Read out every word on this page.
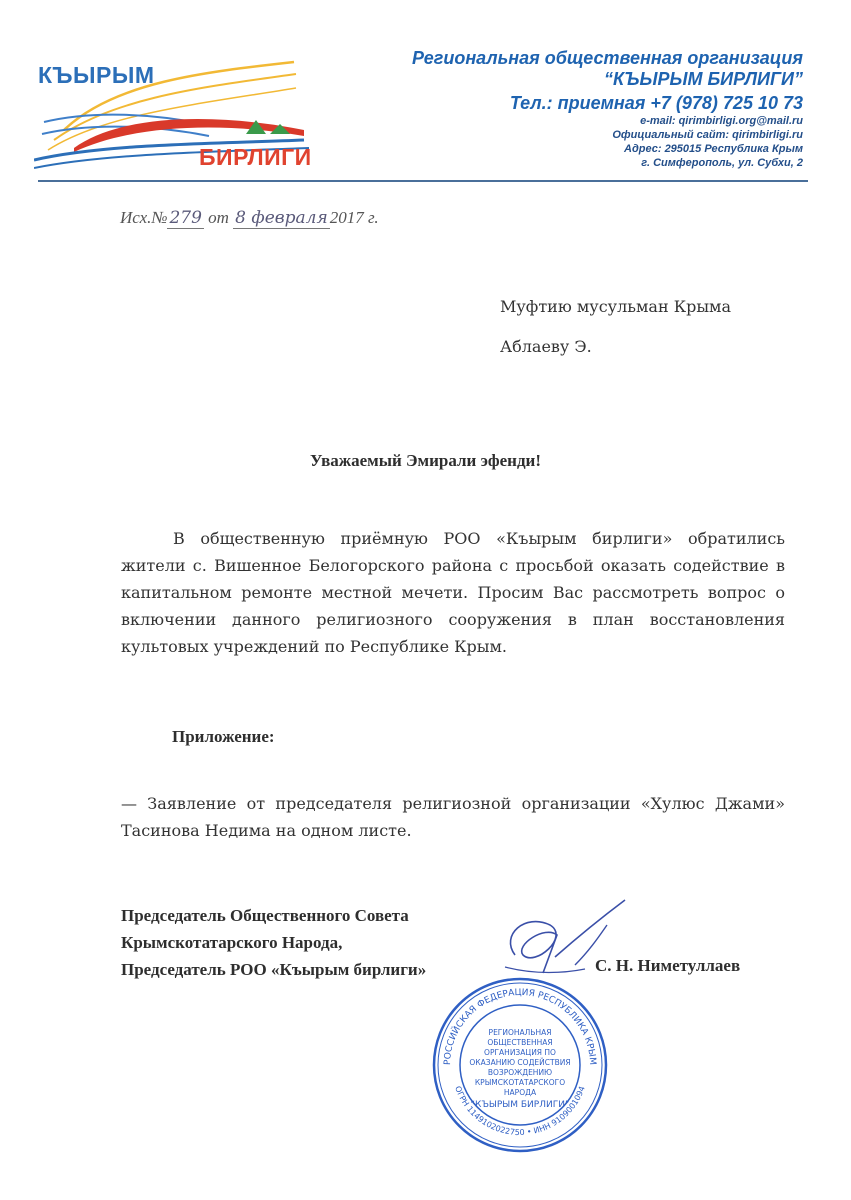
КЪЫРЫМ
БИРЛИГИ
Региональная общественная организация
“КЪЫРЫМ БИРЛИГИ”
Тел.: приемная +7 (978) 725 10 73
e-mail: qirimbirligi.org@mail.ru
Официальный сайт: qirimbirligi.ru
Адрес: 295015 Республика Крым
г. Симферополь, ул. Субхи, 2
Исх.№ 279 от 8 февраля 2017 г.
Муфтию мусульман Крыма
Аблаеву Э.
Уважаемый Эмирали эфенди!
В общественную приёмную РОО «Къырым бирлиги» обратились жители с. Вишенное Белогорского района с просьбой оказать содействие в капитальном ремонте местной мечети. Просим Вас рассмотреть вопрос о включении данного религиозного сооружения в план восстановления культовых учреждений по Республике Крым.
Приложение:
— Заявление от председателя религиозной организации «Хулюс Джами» Тасинова Недима на одном листе.
Председатель Общественного Совета
Крымскотатарского Народа,
Председатель РОО «Къырым бирлиги»	С. Н. Ниметуллаев
РОССИЙСКАЯ ФЕДЕРАЦИЯ РЕСПУБЛИКА КРЫМ
ОГРН 1149102022750 • ИНН 9109001094
РЕГИОНАЛЬНАЯ
ОБЩЕСТВЕННАЯ
ОРГАНИЗАЦИЯ ПО
ОКАЗАНИЮ СОДЕЙСТВИЯ
ВОЗРОЖДЕНИЮ
КРЫМСКОТАТАРСКОГО
НАРОДА
“КЪЫРЫМ БИРЛИГИ”
